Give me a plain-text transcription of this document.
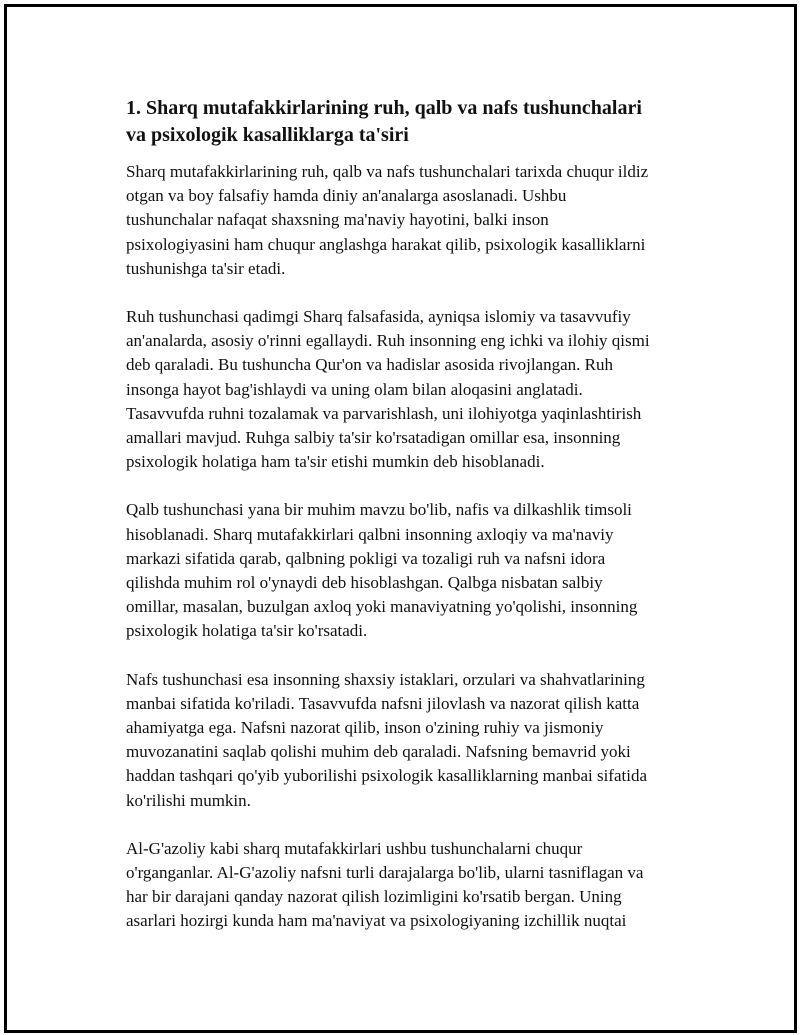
1. Sharq mutafakkirlarining ruh, qalb va nafs tushunchalari
va psixologik kasalliklarga ta'siri

Sharq mutafakkirlarining ruh, qalb va nafs tushunchalari tarixda chuqur ildiz
otgan va boy falsafiy hamda diniy an'analarga asoslanadi. Ushbu
tushunchalar nafaqat shaxsning ma'naviy hayotini, balki inson
psixologiyasini ham chuqur anglashga harakat qilib, psixologik kasalliklarni
tushunishga ta'sir etadi.

Ruh tushunchasi qadimgi Sharq falsafasida, ayniqsa islomiy va tasavvufiy
an'analarda, asosiy o'rinni egallaydi. Ruh insonning eng ichki va ilohiy qismi
deb qaraladi. Bu tushuncha Qur'on va hadislar asosida rivojlangan. Ruh
insonga hayot bag'ishlaydi va uning olam bilan aloqasini anglatadi.
Tasavvufda ruhni tozalamak va parvarishlash, uni ilohiyotga yaqinlashtirish
amallari mavjud. Ruhga salbiy ta'sir ko'rsatadigan omillar esa, insonning
psixologik holatiga ham ta'sir etishi mumkin deb hisoblanadi.

Qalb tushunchasi yana bir muhim mavzu bo'lib, nafis va dilkashlik timsoli
hisoblanadi. Sharq mutafakkirlari qalbni insonning axloqiy va ma'naviy
markazi sifatida qarab, qalbning pokligi va tozaligi ruh va nafsni idora
qilishda muhim rol o'ynaydi deb hisoblashgan. Qalbga nisbatan salbiy
omillar, masalan, buzulgan axloq yoki manaviyatning yo'qolishi, insonning
psixologik holatiga ta'sir ko'rsatadi.

Nafs tushunchasi esa insonning shaxsiy istaklari, orzulari va shahvatlarining
manbai sifatida ko'riladi. Tasavvufda nafsni jilovlash va nazorat qilish katta
ahamiyatga ega. Nafsni nazorat qilib, inson o'zining ruhiy va jismoniy
muvozanatini saqlab qolishi muhim deb qaraladi. Nafsning bemavrid yoki
haddan tashqari qo'yib yuborilishi psixologik kasalliklarning manbai sifatida
ko'rilishi mumkin.

Al-G'azoliy kabi sharq mutafakkirlari ushbu tushunchalarni chuqur
o'rganganlar. Al-G'azoliy nafsni turli darajalarga bo'lib, ularni tasniflagan va
har bir darajani qanday nazorat qilish lozimligini ko'rsatib bergan. Uning
asarlari hozirgi kunda ham ma'naviyat va psixologiyaning izchillik nuqtai
